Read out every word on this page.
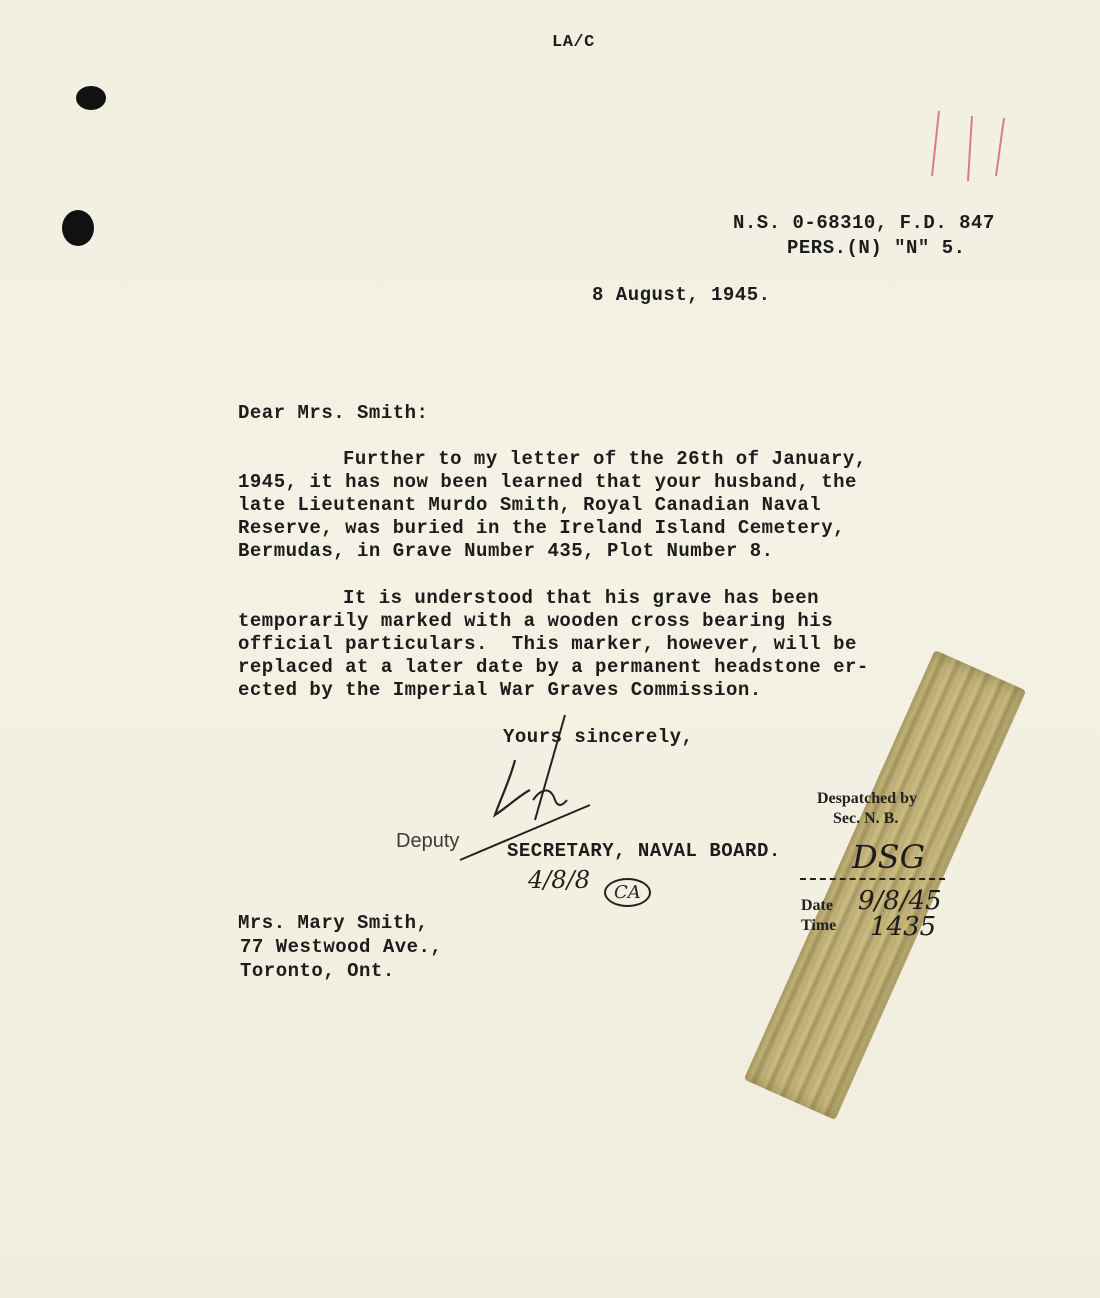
LA/C
N.S. 0-68310, F.D. 847
PERS.(N) "N" 5.
8 August, 1945.
Dear Mrs. Smith:
Further to my letter of the 26th of January,
1945, it has now been learned that your husband, the
late Lieutenant Murdo Smith, Royal Canadian Naval
Reserve, was buried in the Ireland Island Cemetery,
Bermudas, in Grave Number 435, Plot Number 8.
It is understood that his grave has been
temporarily marked with a wooden cross bearing his
official particulars.  This marker, however, will be
replaced at a later date by a permanent headstone er-
ected by the Imperial War Graves Commission.
Yours sincerely,
Deputy	SECRETARY, NAVAL BOARD.
4/8/8	CA
Mrs. Mary Smith,
77 Westwood Ave.,
Toronto, Ont.
Despatched by
Sec. N. B.
DSG
Date
Time
9/8/45
1435
